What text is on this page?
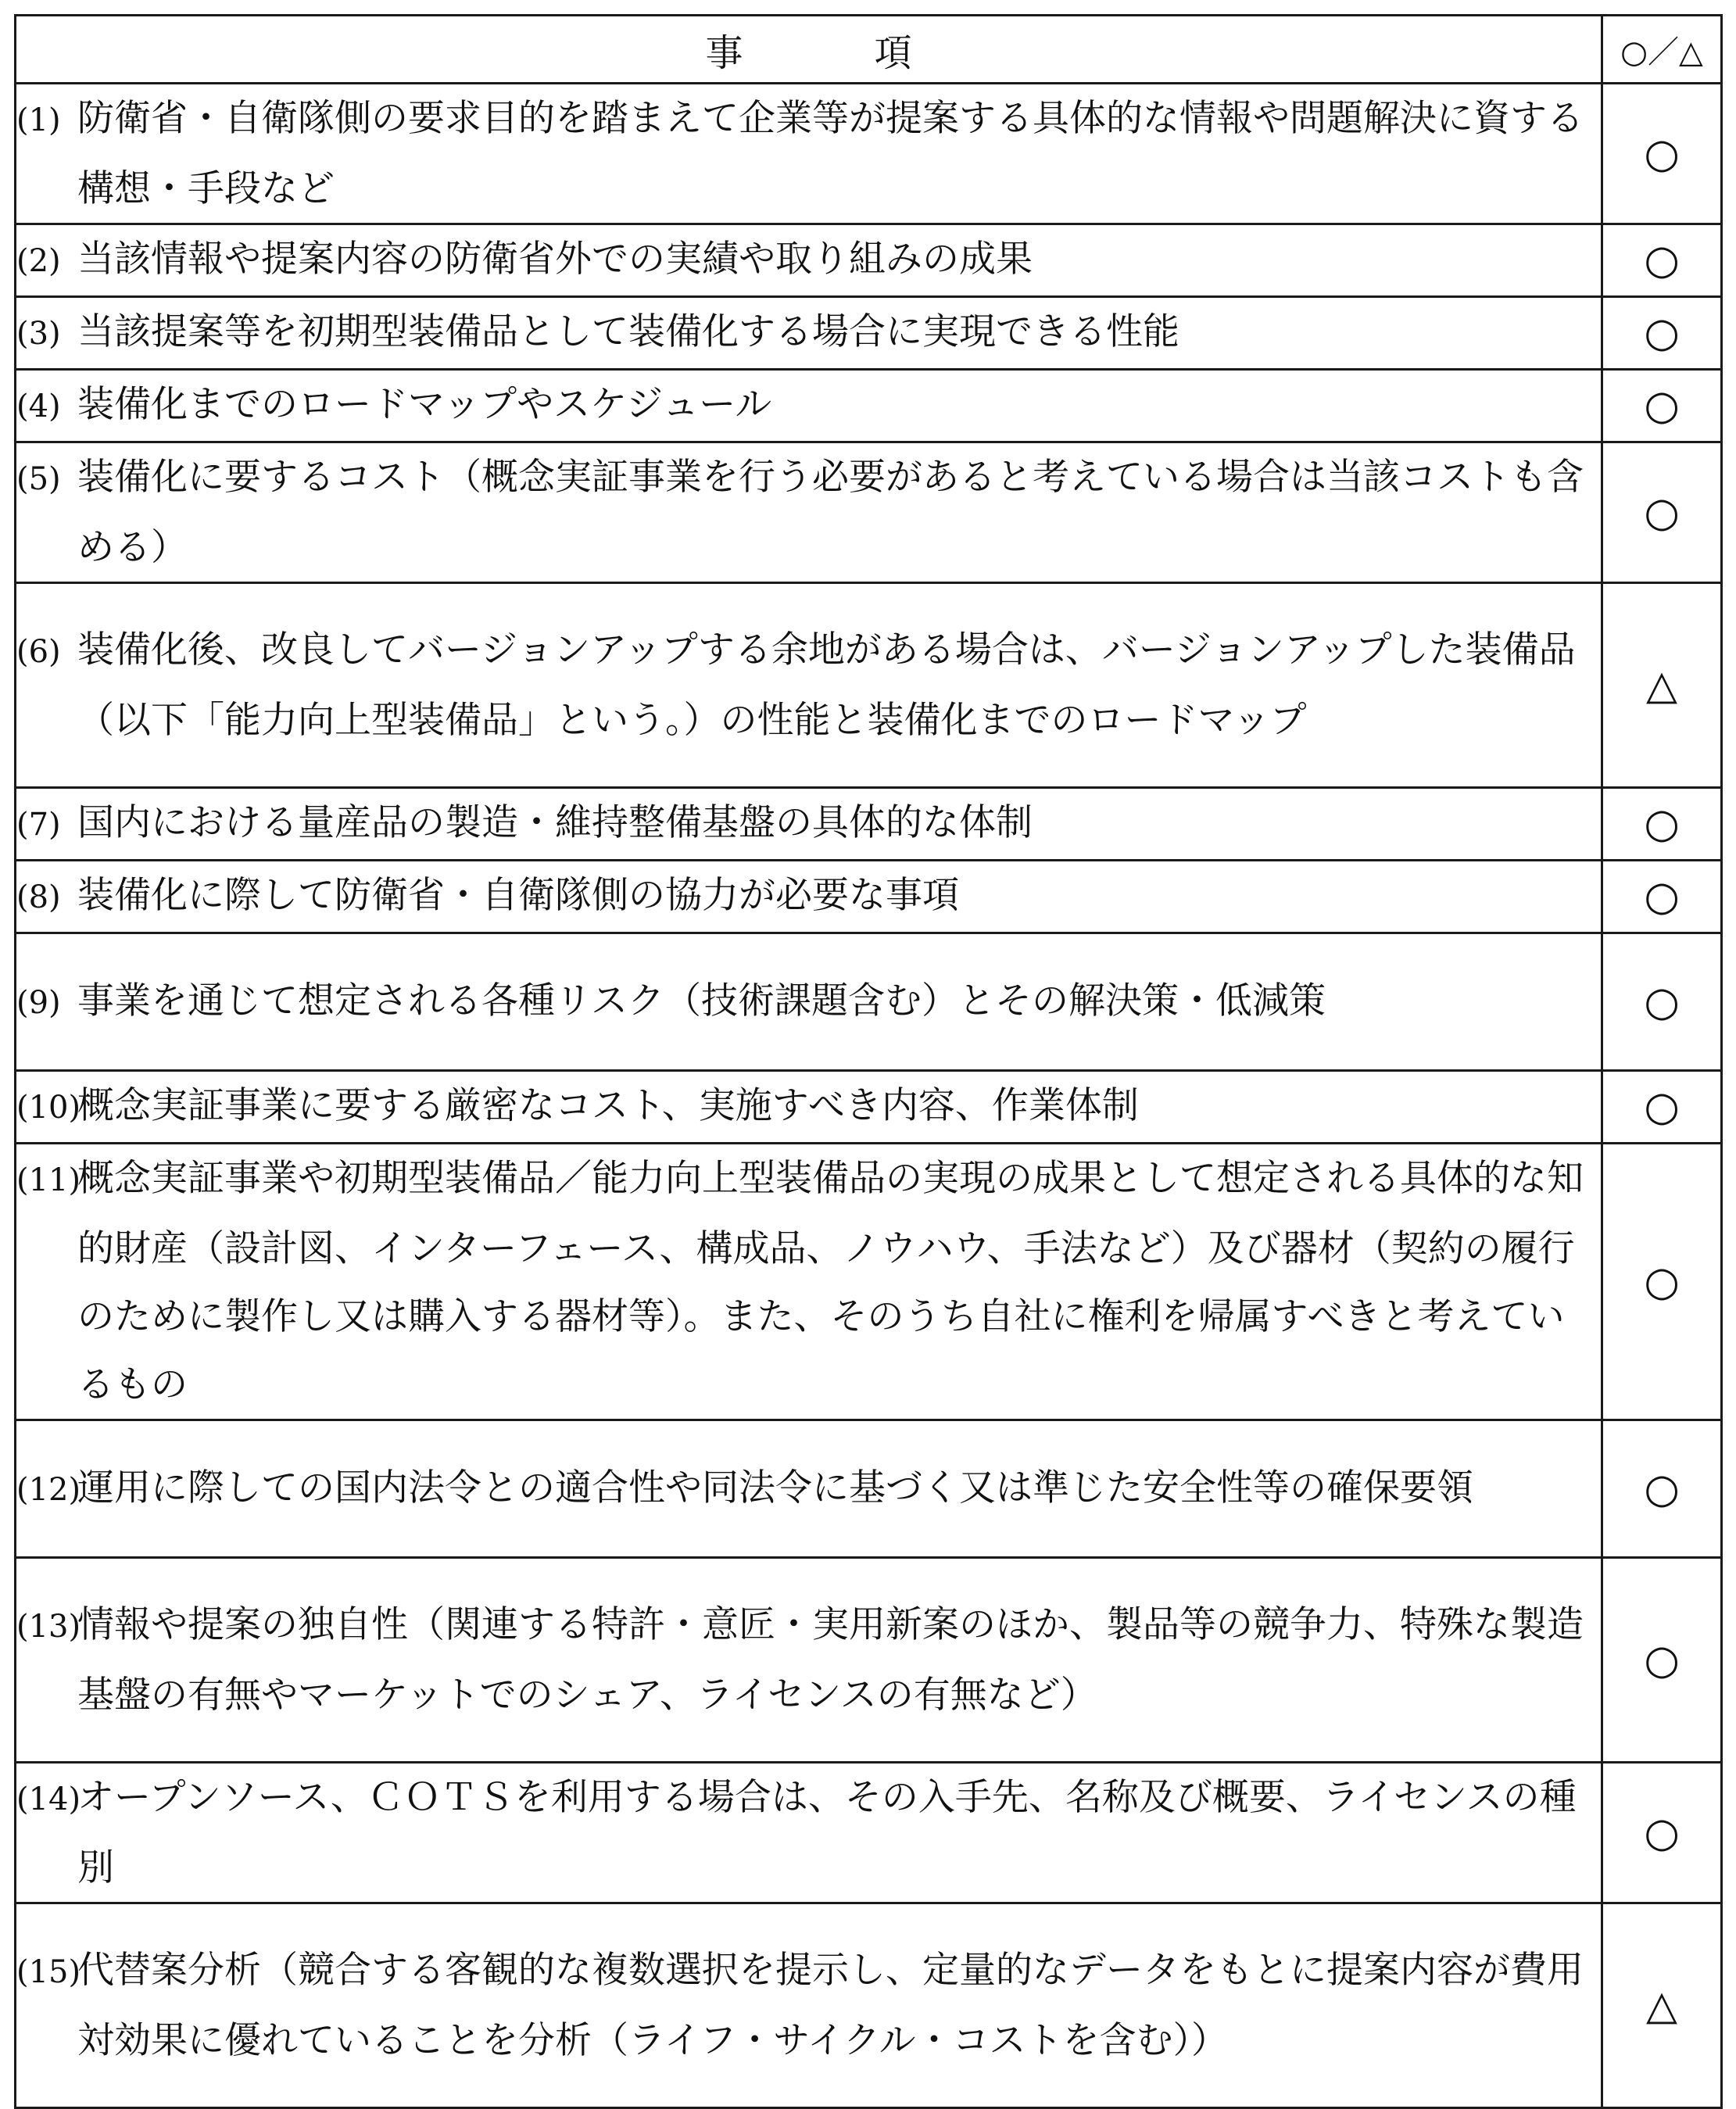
事　項	○／△

(1) 防衛省・自衛隊側の要求目的を踏まえて企業等が提案する具体的な情報や問題解決に資する構想・手段など	○

(2) 当該情報や提案内容の防衛省外での実績や取り組みの成果	○

(3) 当該提案等を初期型装備品として装備化する場合に実現できる性能	○

(4) 装備化までのロードマップやスケジュール	○

(5) 装備化に要するコスト（概念実証事業を行う必要があると考えている場合は当該コストも含める）	○

(6) 装備化後、改良してバージョンアップする余地がある場合は、バージョンアップした装備品（以下「能力向上型装備品」という。）の性能と装備化までのロードマップ	△

(7) 国内における量産品の製造・維持整備基盤の具体的な体制	○

(8) 装備化に際して防衛省・自衛隊側の協力が必要な事項	○

(9) 事業を通じて想定される各種リスク（技術課題含む）とその解決策・低減策	○

(10)概念実証事業に要する厳密なコスト、実施すべき内容、作業体制	○

(11)概念実証事業や初期型装備品／能力向上型装備品の実現の成果として想定される具体的な知的財産（設計図、インターフェース、構成品、ノウハウ、手法など）及び器材（契約の履行のために製作し又は購入する器材等）。また、そのうち自社に権利を帰属すべきと考えているもの	○

(12)運用に際しての国内法令との適合性や同法令に基づく又は準じた安全性等の確保要領	○

(13)情報や提案の独自性（関連する特許・意匠・実用新案のほか、製品等の競争力、特殊な製造基盤の有無やマーケットでのシェア、ライセンスの有無など）	○

(14)オープンソース、ＣＯＴＳを利用する場合は、その入手先、名称及び概要、ライセンスの種別	○

(15)代替案分析（競合する客観的な複数選択を提示し、定量的なデータをもとに提案内容が費用対効果に優れていることを分析（ライフ・サイクル・コストを含む））	△
